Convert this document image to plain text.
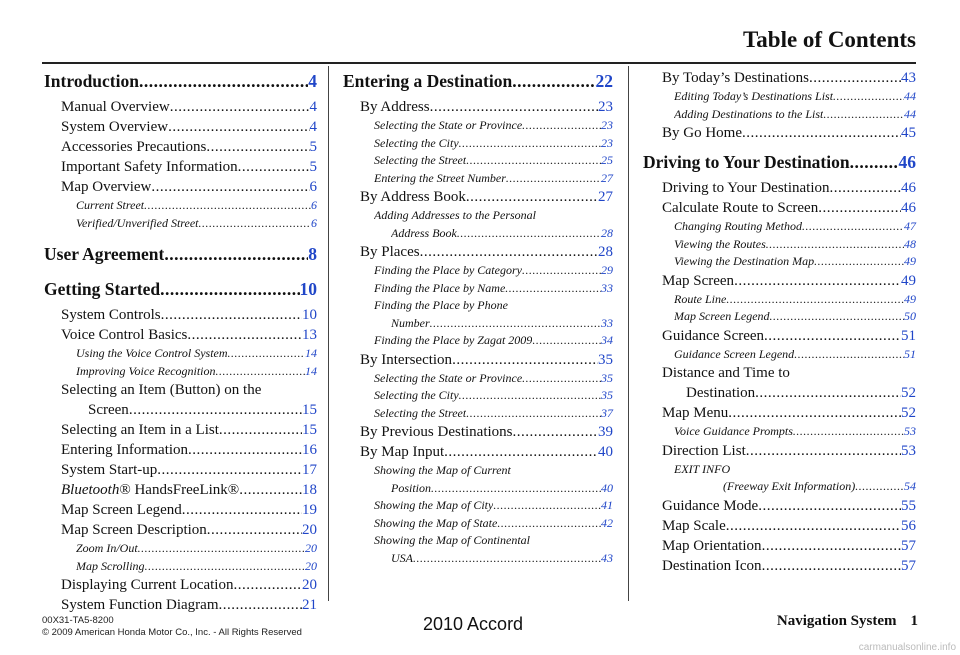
Table of Contents
Introduction .....	4
Manual Overview .....	4
System Overview .....	4
Accessories Precautions .....	5
Important Safety Information .....	5
Map Overview .....	6
Current Street .....	6
Verified/Unverified Street .....	6
User Agreement .....	8
Getting Started .....	10
System Controls .....	10
Voice Control Basics .....	13
Using the Voice Control System .....	14
Improving Voice Recognition .....	14
Selecting an Item (Button) on the
Screen .....	15
Selecting an Item in a List .....	15
Entering Information .....	16
System Start-up .....	17
Bluetooth® HandsFreeLink® .....	18
Map Screen Legend .....	19
Map Screen Description .....	20
Zoom In/Out .....	20
Map Scrolling .....	20
Displaying Current Location .....	20
System Function Diagram .....	21
Entering a Destination .....	22
By Address .....	23
Selecting the State or Province .....	23
Selecting the City .....	23
Selecting the Street .....	25
Entering the Street Number .....	27
By Address Book .....	27
Adding Addresses to the Personal
Address Book .....	28
By Places .....	28
Finding the Place by Category .....	29
Finding the Place by Name .....	33
Finding the Place by Phone
Number .....	33
Finding the Place by Zagat 2009 .....	34
By Intersection .....	35
Selecting the State or Province .....	35
Selecting the City .....	35
Selecting the Street .....	37
By Previous Destinations .....	39
By Map Input .....	40
Showing the Map of Current
Position .....	40
Showing the Map of City .....	41
Showing the Map of State .....	42
Showing the Map of Continental
USA .....	43
By Today’s Destinations .....	43
Editing Today’s Destinations List .....	44
Adding Destinations to the List .....	44
By Go Home .....	45
Driving to Your Destination .....	46
Driving to Your Destination .....	46
Calculate Route to Screen .....	46
Changing Routing Method .....	47
Viewing the Routes .....	48
Viewing the Destination Map .....	49
Map Screen .....	49
Route Line .....	49
Map Screen Legend .....	50
Guidance Screen .....	51
Guidance Screen Legend .....	51
Distance and Time to
Destination .....	52
Map Menu .....	52
Voice Guidance Prompts .....	53
Direction List .....	53
EXIT INFO
(Freeway Exit Information) .....	54
Guidance Mode .....	55
Map Scale .....	56
Map Orientation .....	57
Destination Icon .....	57
00X31-TA5-8200
© 2009 American Honda Motor Co., Inc. - All Rights Reserved	2010 Accord	Navigation System 1
carmanualsonline.info
